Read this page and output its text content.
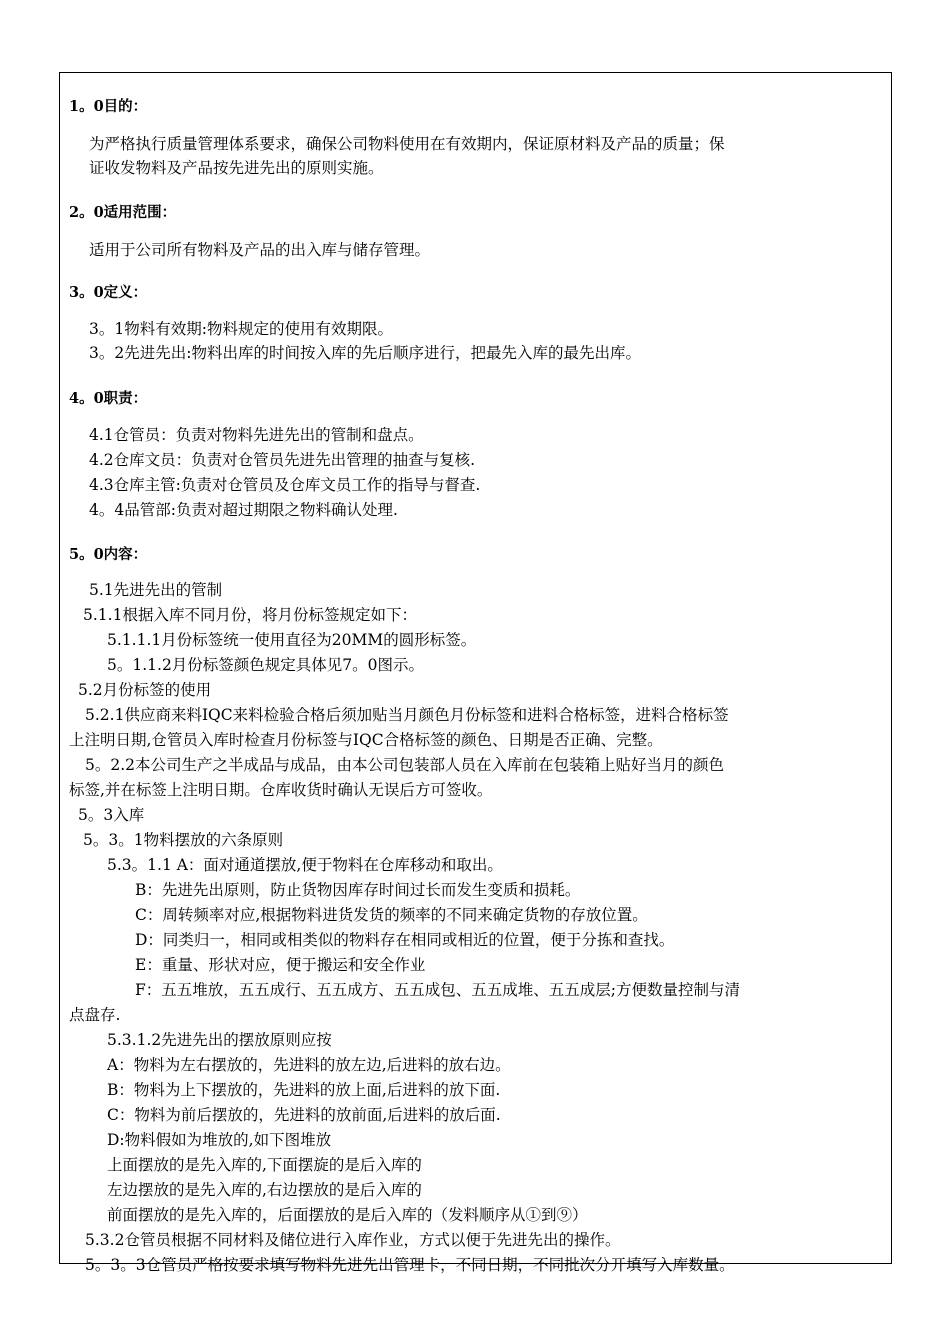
1。0目的：
为严格执行质量管理体系要求，确保公司物料使用在有效期内，保证原材料及产品的质量；保
证收发物料及产品按先进先出的原则实施。
2。0适用范围：
适用于公司所有物料及产品的出入库与储存管理。
3。0定义：
3。1物料有效期:物料规定的使用有效期限。
3。2先进先出:物料出库的时间按入库的先后顺序进行，把最先入库的最先出库。
4。0职责：
4.1仓管员：负责对物料先进先出的管制和盘点。
4.2仓库文员：负责对仓管员先进先出管理的抽查与复核.
4.3仓库主管:负责对仓管员及仓库文员工作的指导与督查.
4。4品管部:负责对超过期限之物料确认处理.
5。0内容：
5.1先进先出的管制
5.1.1根据入库不同月份，将月份标签规定如下：
5.1.1.1月份标签统一使用直径为20MM的圆形标签。
5。1.1.2月份标签颜色规定具体见7。0图示。
5.2月份标签的使用
5.2.1供应商来料IQC来料检验合格后须加贴当月颜色月份标签和进料合格标签，进料合格标签
上注明日期,仓管员入库时检查月份标签与IQC合格标签的颜色、日期是否正确、完整。
5。2.2本公司生产之半成品与成品，由本公司包装部人员在入库前在包装箱上贴好当月的颜色
标签,并在标签上注明日期。仓库收货时确认无误后方可签收。
5。3入库
5。3。1物料摆放的六条原则
5.3。1.1 A：面对通道摆放,便于物料在仓库移动和取出。
B：先进先出原则，防止货物因库存时间过长而发生变质和损耗。
C：周转频率对应,根据物料进货发货的频率的不同来确定货物的存放位置。
D：同类归一，相同或相类似的物料存在相同或相近的位置，便于分拣和查找。
E：重量、形状对应，便于搬运和安全作业
F：五五堆放，五五成行、五五成方、五五成包、五五成堆、五五成层;方便数量控制与清
点盘存.
5.3.1.2先进先出的摆放原则应按
A：物料为左右摆放的，先进料的放左边,后进料的放右边。
B：物料为上下摆放的，先进料的放上面,后进料的放下面.
C：物料为前后摆放的，先进料的放前面,后进料的放后面.
D:物料假如为堆放的,如下图堆放
上面摆放的是先入库的,下面摆旋的是后入库的
左边摆放的是先入库的,右边摆放的是后入库的
前面摆放的是先入库的，后面摆放的是后入库的（发料顺序从①到⑨）
5.3.2仓管员根据不同材料及储位进行入库作业，方式以便于先进先出的操作。
5。3。3仓管员严格按要求填写物料先进先出管理卡，不同日期，不同批次分开填写入库数量。
